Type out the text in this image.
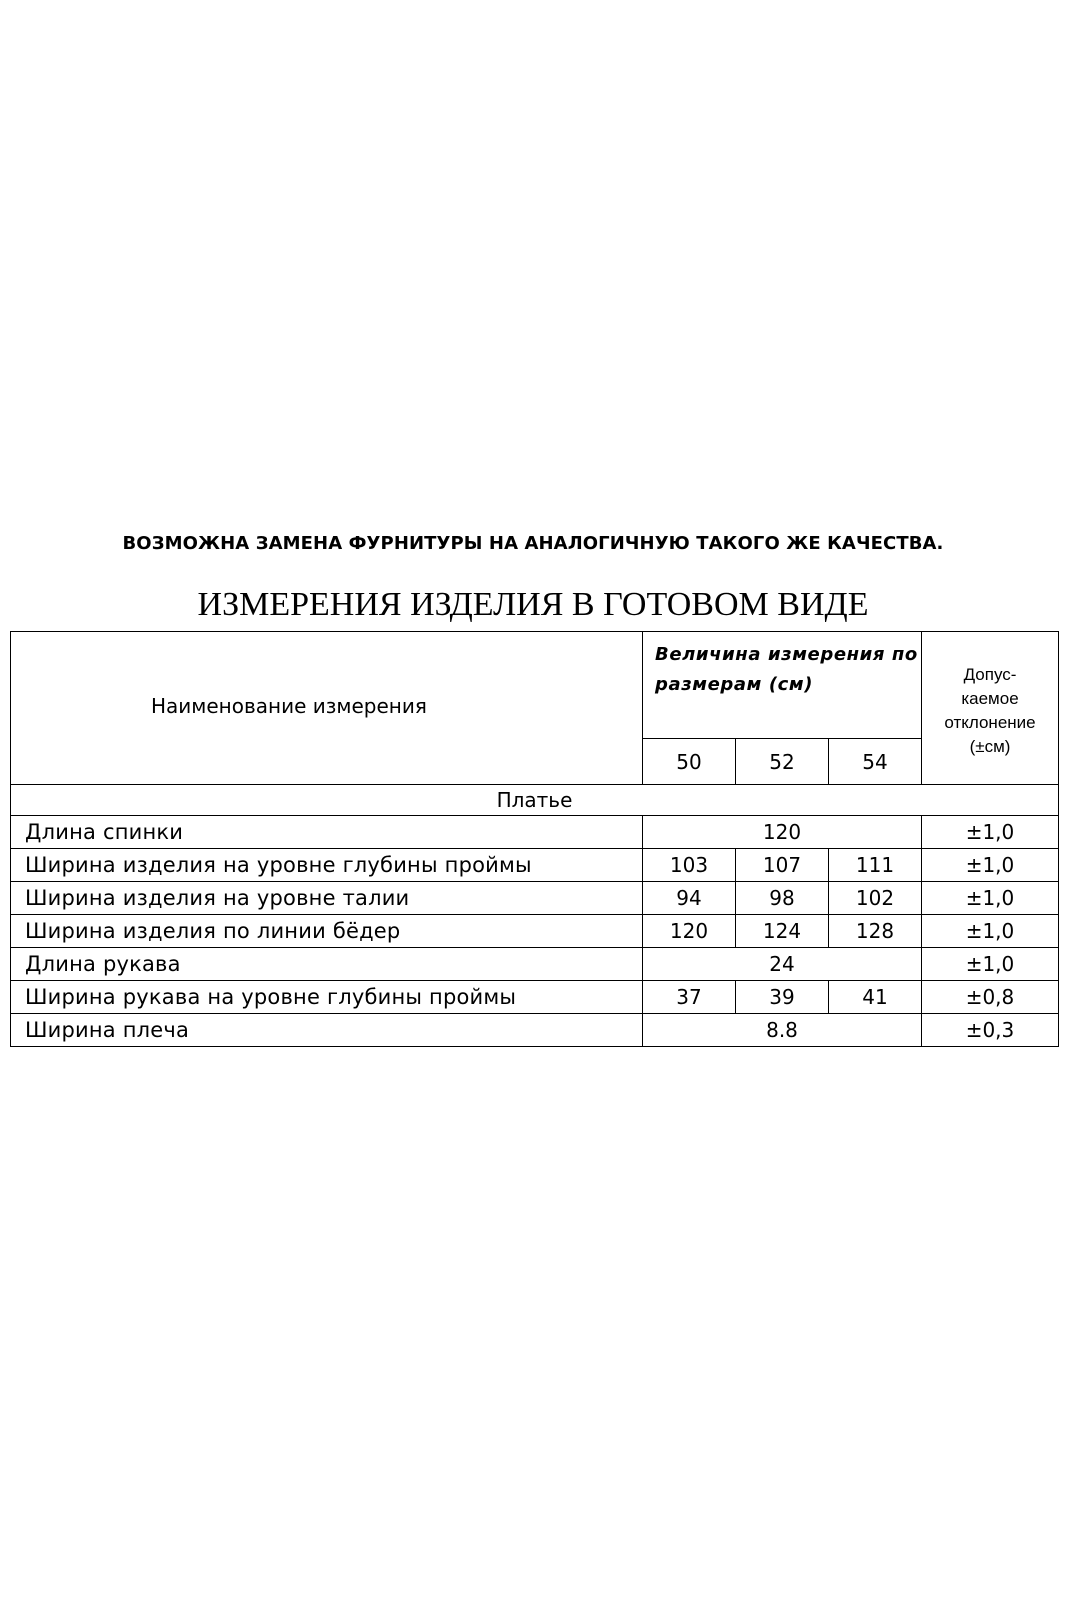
ВОЗМОЖНА ЗАМЕНА ФУРНИТУРЫ НА АНАЛОГИЧНУЮ ТАКОГО ЖЕ КАЧЕСТВА.
ИЗМЕРЕНИЯ ИЗДЕЛИЯ В ГОТОВОМ ВИДЕ
Наименование измерения	Величина измерения по
размерам (см)			Допус-
каемое
отклонение
(±см)
	50	52	54	
Платье				
Длина спинки	120			±1,0
Ширина изделия на уровне глубины проймы	103	107	111	±1,0
Ширина изделия на уровне талии	94	98	102	±1,0
Ширина изделия по линии бёдер	120	124	128	±1,0
Длина рукава	24			±1,0
Ширина рукава на уровне глубины проймы	37	39	41	±0,8
Ширина плеча	8.8			±0,3
